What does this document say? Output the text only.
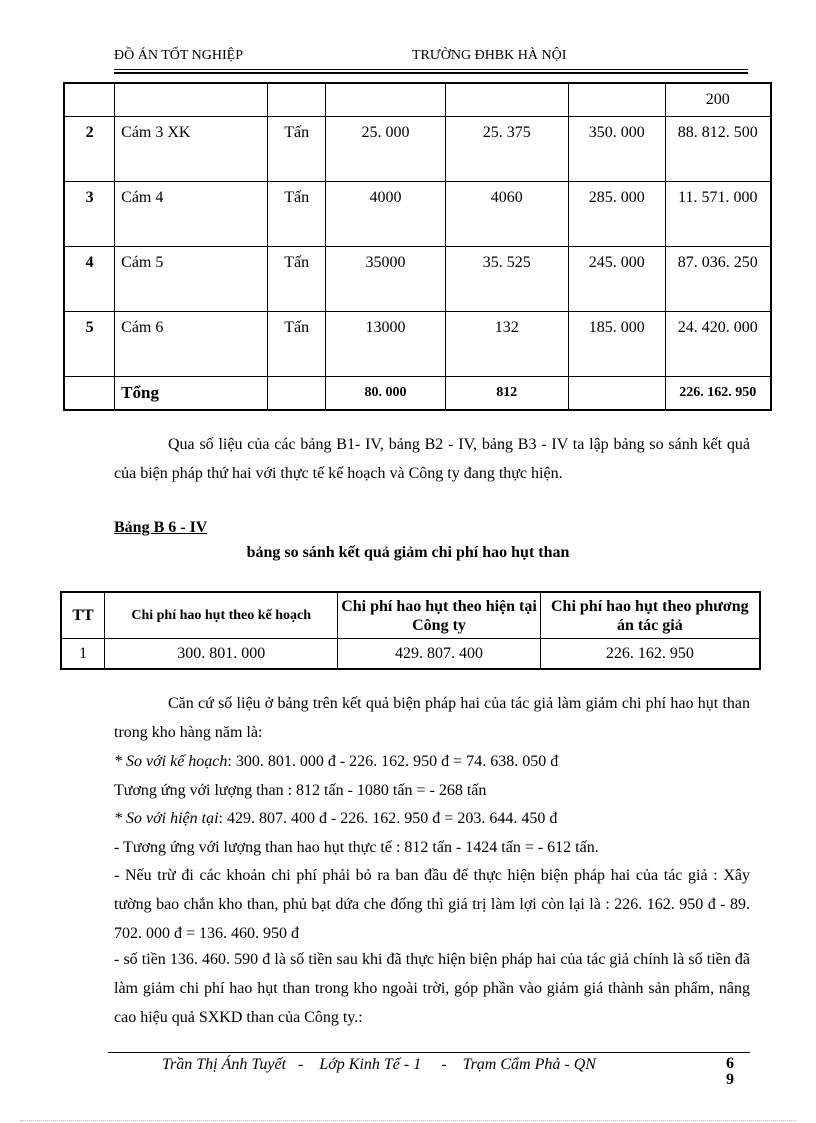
ĐỒ ÁN TỐT NGHIỆP	TRƯỜNG ĐHBK HÀ NỘI
						200
2	Cám 3 XK	Tấn	25. 000	25. 375	350. 000	88. 812. 500
3	Cám 4	Tấn	4000	4060	285. 000	11. 571. 000
4	Cám 5	Tấn	35000	35. 525	245. 000	87. 036. 250
5	Cám 6	Tấn	13000	132	185. 000	24. 420. 000
	Tổng		80. 000	812		226. 162. 950
Qua số liệu của các bảng B1- IV, bảng B2 - IV, bảng B3 - IV ta lập bảng so sánh kết quả của biện pháp thứ hai với thực tế kế hoạch và Công ty đang thực hiện.
Bảng B 6 - IV
bảng so sánh kết quả giảm chi phí hao hụt than
TT	Chi phí hao hụt theo kế hoạch	Chi phí hao hụt theo hiện tại Công ty	Chi phí hao hụt theo phương án tác giả
1	300. 801. 000	429. 807. 400	226. 162. 950
Căn cứ số liệu ở bảng trên kết quả biện pháp hai của tác giả làm giảm chi phí hao hụt than trong kho hàng năm là:
* So với kế hoạch: 300. 801. 000 đ - 226. 162. 950 đ = 74. 638. 050 đ
Tương ứng với lượng than : 812 tấn - 1080 tấn = - 268 tấn
* So với hiện tại: 429. 807. 400 đ - 226. 162. 950 đ = 203. 644. 450 đ
- Tương ứng với lượng than hao hụt thực tế : 812 tấn - 1424 tấn = - 612 tấn.
- Nếu trừ đi các khoản chi phí phải bỏ ra ban đầu để thực hiện biện pháp hai của tác giả : Xây tường bao chắn kho than, phủ bạt dứa che đống thì giá trị làm lợi còn lại là : 226. 162. 950 đ - 89. 702. 000 đ = 136. 460. 950 đ
- số tiền 136. 460. 590 đ là số tiền sau khi đã thực hiện biện pháp hai của tác giả chính là số tiền đã làm giảm chi phí hao hụt than trong kho ngoài trời, góp phần vào giảm giá thành sản phẩm, nâng cao hiệu quả SXKD than của Công ty.:
Trần Thị Ánh Tuyết   -    Lớp Kinh Tế - 1     -    Trạm Cẩm Phả - QN	6
9
